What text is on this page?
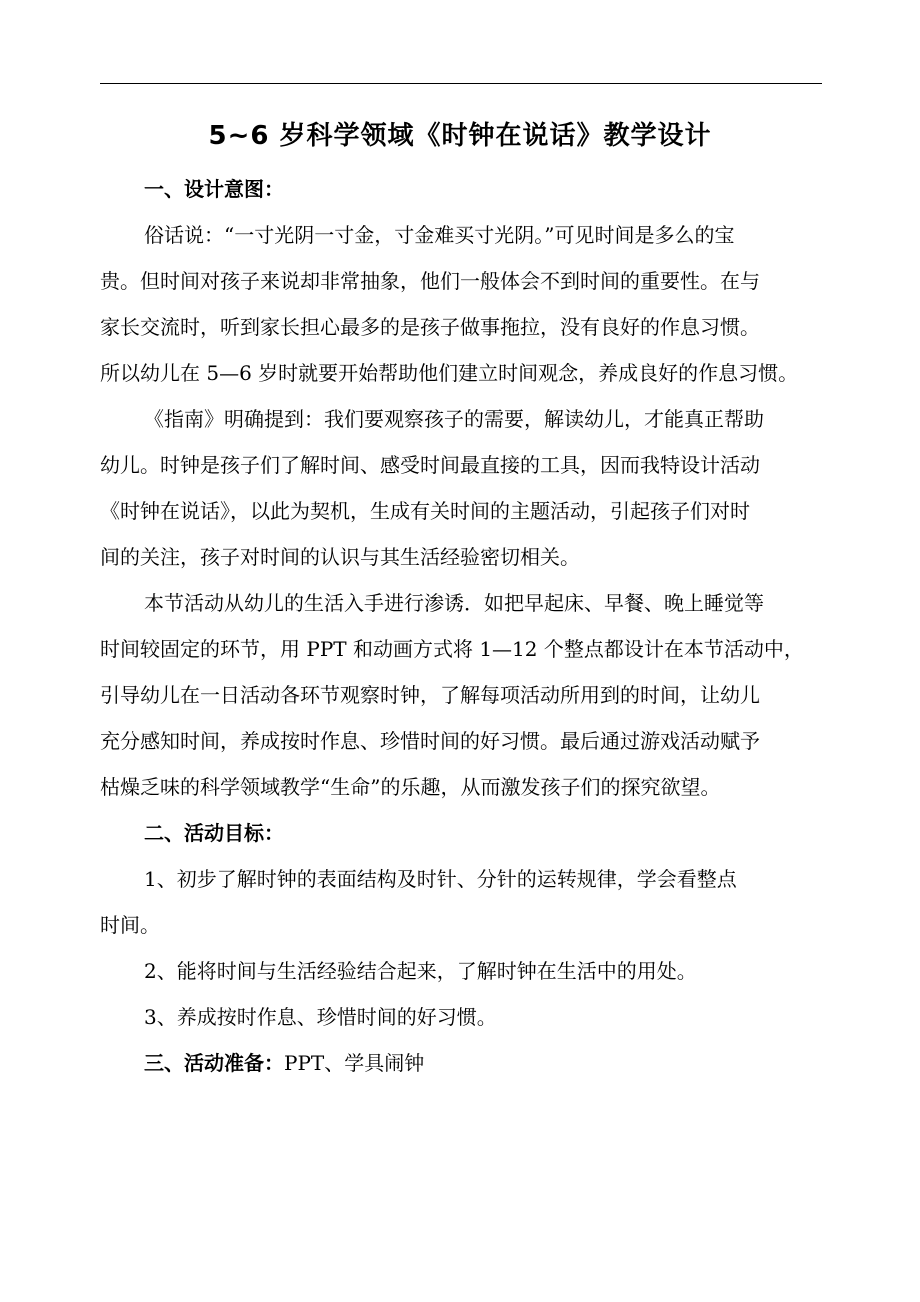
5~6 岁科学领域《时钟在说话》教学设计
一、设计意图：

俗话说：“一寸光阴一寸金，寸金难买寸光阴。”可见时间是多么的宝
贵。但时间对孩子来说却非常抽象，他们一般体会不到时间的重要性。在与
家长交流时，听到家长担心最多的是孩子做事拖拉，没有良好的作息习惯。
所以幼儿在 5—6 岁时就要开始帮助他们建立时间观念，养成良好的作息习惯。

《指南》明确提到：我们要观察孩子的需要，解读幼儿，才能真正帮助
幼儿。时钟是孩子们了解时间、感受时间最直接的工具，因而我特设计活动
《时钟在说话》，以此为契机，生成有关时间的主题活动，引起孩子们对时
间的关注，孩子对时间的认识与其生活经验密切相关。

本节活动从幼儿的生活入手进行渗诱．如把早起床、早餐、晚上睡觉等
时间较固定的环节，用 PPT 和动画方式将 1—12 个整点都设计在本节活动中，
引导幼儿在一日活动各环节观察时钟，了解每项活动所用到的时间，让幼儿
充分感知时间，养成按时作息、珍惜时间的好习惯。最后通过游戏活动赋予
枯燥乏味的科学领域教学“生命”的乐趣，从而激发孩子们的探究欲望。

二、活动目标：

1、初步了解时钟的表面结构及时针、分针的运转规律，学会看整点
时间。

2、能将时间与生活经验结合起来，了解时钟在生活中的用处。

3、养成按时作息、珍惜时间的好习惯。

三、活动准备：PPT、学具闹钟
